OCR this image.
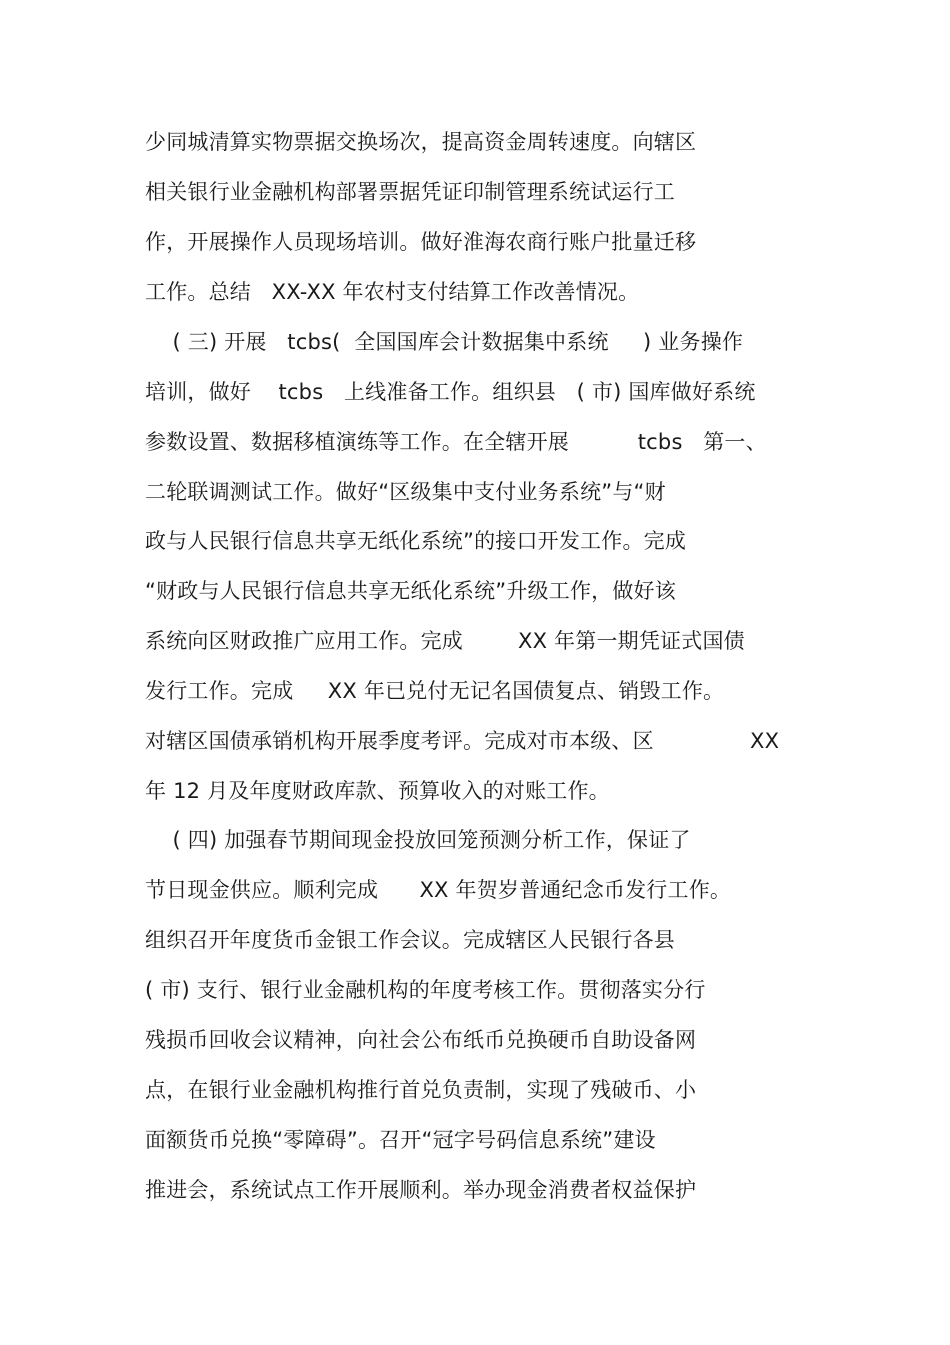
少同城清算实物票据交换场次，提高资金周转速度。向辖区
相关银行业金融机构部署票据凭证印制管理系统试运行工
作，开展操作人员现场培训。做好淮海农商行账户批量迁移
工作。总结   XX-XX 年农村支付结算工作改善情况。
( 三) 开展   tcbs(  全国国库会计数据集中系统     ) 业务操作
培训，做好    tcbs   上线准备工作。组织县   ( 市) 国库做好系统
参数设置、数据移植演练等工作。在全辖开展          tcbs   第一、
二轮联调测试工作。做好“区级集中支付业务系统”与“财
政与人民银行信息共享无纸化系统”的接口开发工作。完成
“财政与人民银行信息共享无纸化系统”升级工作，做好该
系统向区财政推广应用工作。完成        XX 年第一期凭证式国债
发行工作。完成     XX 年已兑付无记名国债复点、销毁工作。
对辖区国债承销机构开展季度考评。完成对市本级、区              XX
年 12 月及年度财政库款、预算收入的对账工作。
( 四) 加强春节期间现金投放回笼预测分析工作，保证了
节日现金供应。顺利完成      XX 年贺岁普通纪念币发行工作。
组织召开年度货币金银工作会议。完成辖区人民银行各县
( 市) 支行、银行业金融机构的年度考核工作。贯彻落实分行
残损币回收会议精神，向社会公布纸币兑换硬币自助设备网
点，在银行业金融机构推行首兑负责制，实现了残破币、小
面额货币兑换“零障碍”。召开“冠字号码信息系统”建设
推进会，系统试点工作开展顺利。举办现金消费者权益保护
